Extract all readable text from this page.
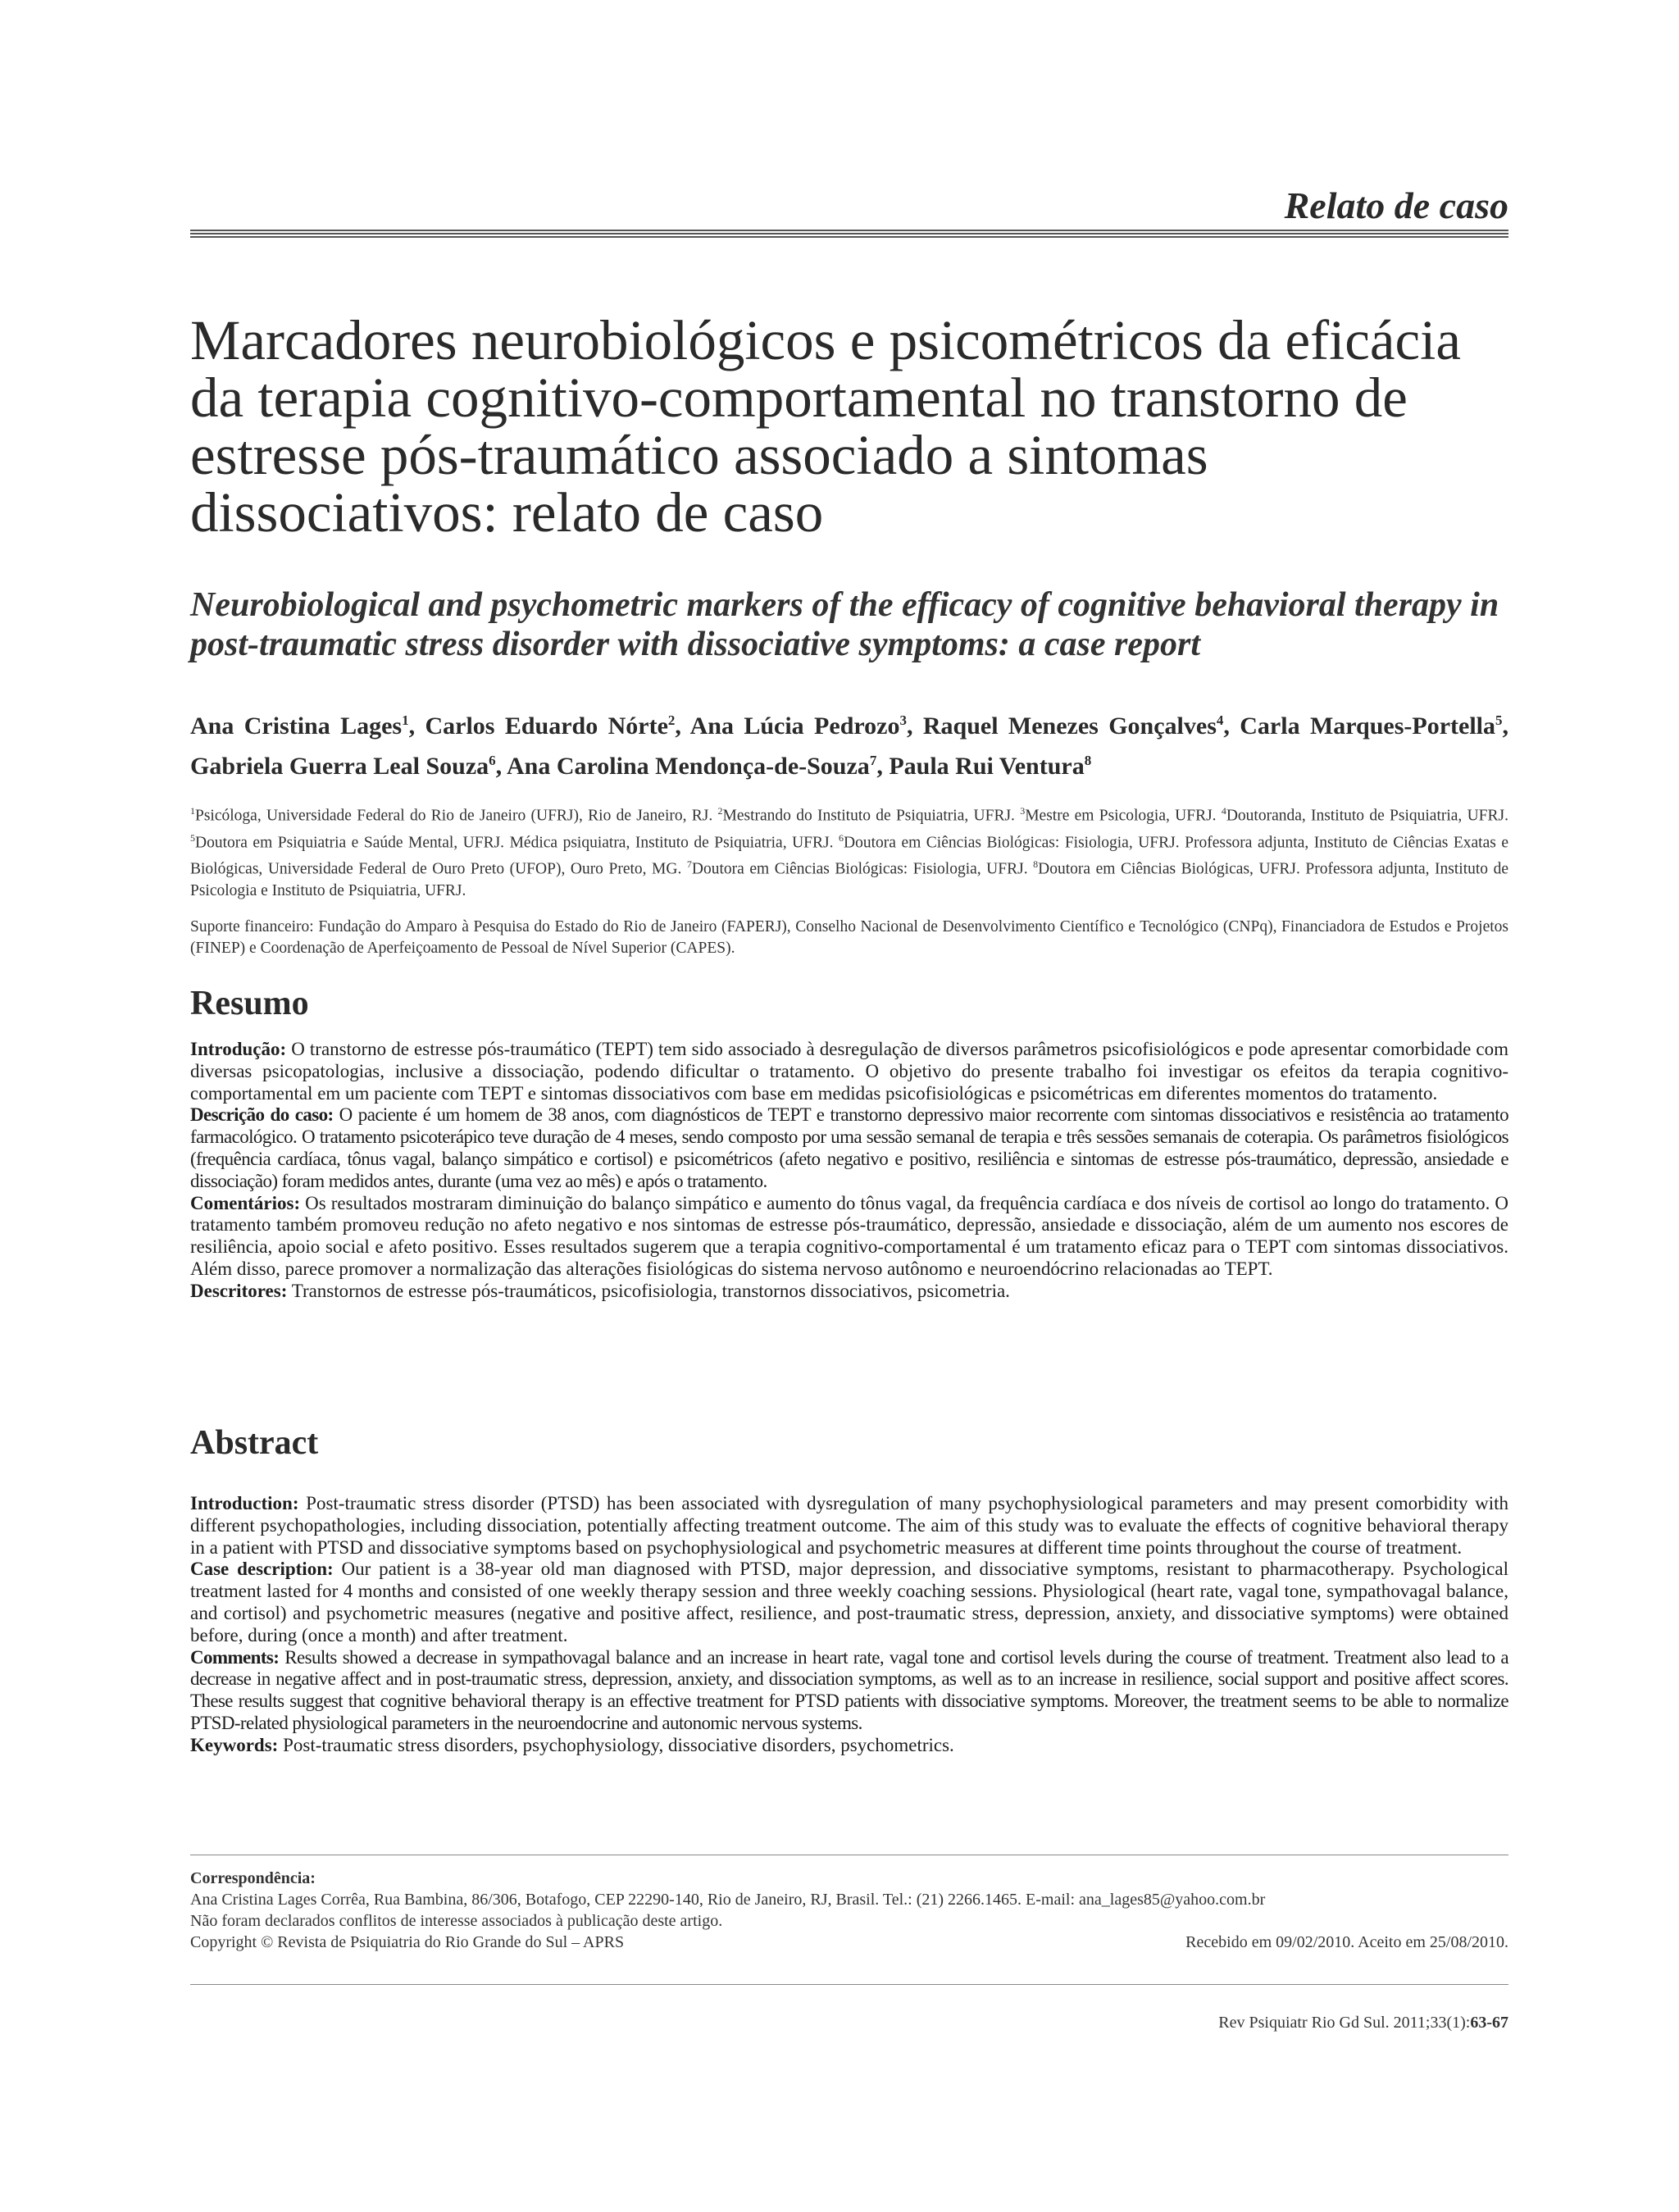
Relato de caso
Marcadores neurobiológicos e psicométricos da eficácia da terapia cognitivo-comportamental no transtorno de estresse pós-traumático associado a sintomas dissociativos: relato de caso
Neurobiological and psychometric markers of the efficacy of cognitive behavioral therapy in post-traumatic stress disorder with dissociative symptoms: a case report
Ana Cristina Lages$^1$, Carlos Eduardo Nórte$^2$, Ana Lúcia Pedrozo$^3$, Raquel Menezes Gonçalves$^4$, Carla Marques-Portella$^5$, Gabriela Guerra Leal Souza$^6$, Ana Carolina Mendonça-de-Souza$^7$, Paula Rui Ventura$^8$
$^1$Psicóloga, Universidade Federal do Rio de Janeiro (UFRJ), Rio de Janeiro, RJ. $^2$Mestrando do Instituto de Psiquiatria, UFRJ. $^3$Mestre em Psicologia, UFRJ. $^4$Doutoranda, Instituto de Psiquiatria, UFRJ. $^5$Doutora em Psiquiatria e Saúde Mental, UFRJ. Médica psiquiatra, Instituto de Psiquiatria, UFRJ. $^6$Doutora em Ciências Biológicas: Fisiologia, UFRJ. Professora adjunta, Instituto de Ciências Exatas e Biológicas, Universidade Federal de Ouro Preto (UFOP), Ouro Preto, MG. $^7$Doutora em Ciências Biológicas: Fisiologia, UFRJ. $^8$Doutora em Ciências Biológicas, UFRJ. Professora adjunta, Instituto de Psicologia e Instituto de Psiquiatria, UFRJ.
Suporte financeiro: Fundação do Amparo à Pesquisa do Estado do Rio de Janeiro (FAPERJ), Conselho Nacional de Desenvolvimento Científico e Tecnológico (CNPq), Financiadora de Estudos e Projetos (FINEP) e Coordenação de Aperfeiçoamento de Pessoal de Nível Superior (CAPES).
Resumo

Introdução: O transtorno de estresse pós-traumático (TEPT) tem sido associado à desregulação de diversos parâmetros psicofisiológicos e pode apresentar comorbidade com diversas psicopatologias, inclusive a dissociação, podendo dificultar o tratamento. O objetivo do presente trabalho foi investigar os efeitos da terapia cognitivo-comportamental em um paciente com TEPT e sintomas dissociativos com base em medidas psicofisiológicas e psicométricas em diferentes momentos do tratamento.

Descrição do caso: O paciente é um homem de 38 anos, com diagnósticos de TEPT e transtorno depressivo maior recorrente com sintomas dissociativos e resistência ao tratamento farmacológico. O tratamento psicoterápico teve duração de 4 meses, sendo composto por uma sessão semanal de terapia e três sessões semanais de coterapia. Os parâmetros fisiológicos (frequência cardíaca, tônus vagal, balanço simpático e cortisol) e psicométricos (afeto negativo e positivo, resiliência e sintomas de estresse pós-traumático, depressão, ansiedade e dissociação) foram medidos antes, durante (uma vez ao mês) e após o tratamento.

Comentários: Os resultados mostraram diminuição do balanço simpático e aumento do tônus vagal, da frequência cardíaca e dos níveis de cortisol ao longo do tratamento. O tratamento também promoveu redução no afeto negativo e nos sintomas de estresse pós-traumático, depressão, ansiedade e dissociação, além de um aumento nos escores de resiliência, apoio social e afeto positivo. Esses resultados sugerem que a terapia cognitivo-comportamental é um tratamento eficaz para o TEPT com sintomas dissociativos. Além disso, parece promover a normalização das alterações fisiológicas do sistema nervoso autônomo e neuroendócrino relacionadas ao TEPT.

Descritores: Transtornos de estresse pós-traumáticos, psicofisiologia, transtornos dissociativos, psicometria.

Abstract

Introduction: Post-traumatic stress disorder (PTSD) has been associated with dysregulation of many psychophysiological parameters and may present comorbidity with different psychopathologies, including dissociation, potentially affecting treatment outcome. The aim of this study was to evaluate the effects of cognitive behavioral therapy in a patient with PTSD and dissociative symptoms based on psychophysiological and psychometric measures at different time points throughout the course of treatment.

Case description: Our patient is a 38-year old man diagnosed with PTSD, major depression, and dissociative symptoms, resistant to pharmacotherapy. Psychological treatment lasted for 4 months and consisted of one weekly therapy session and three weekly coaching sessions. Physiological (heart rate, vagal tone, sympathovagal balance, and cortisol) and psychometric measures (negative and positive affect, resilience, and post-traumatic stress, depression, anxiety, and dissociative symptoms) were obtained before, during (once a month) and after treatment.

Comments: Results showed a decrease in sympathovagal balance and an increase in heart rate, vagal tone and cortisol levels during the course of treatment. Treatment also lead to a decrease in negative affect and in post-traumatic stress, depression, anxiety, and dissociation symptoms, as well as to an increase in resilience, social support and positive affect scores. These results suggest that cognitive behavioral therapy is an effective treatment for PTSD patients with dissociative symptoms. Moreover, the treatment seems to be able to normalize PTSD-related physiological parameters in the neuroendocrine and autonomic nervous systems.

Keywords: Post-traumatic stress disorders, psychophysiology, dissociative disorders, psychometrics.

Correspondência:
Ana Cristina Lages Corrêa, Rua Bambina, 86/306, Botafogo, CEP 22290-140, Rio de Janeiro, RJ, Brasil. Tel.: (21) 2266.1465. E-mail: ana_lages85@yahoo.com.br
Não foram declarados conflitos de interesse associados à publicação deste artigo.
Copyright © Revista de Psiquiatria do Rio Grande do Sul – APRS	Recebido em 09/02/2010. Aceito em 25/08/2010.
Rev Psiquiatr Rio Gd Sul. 2011;33(1):63-67
